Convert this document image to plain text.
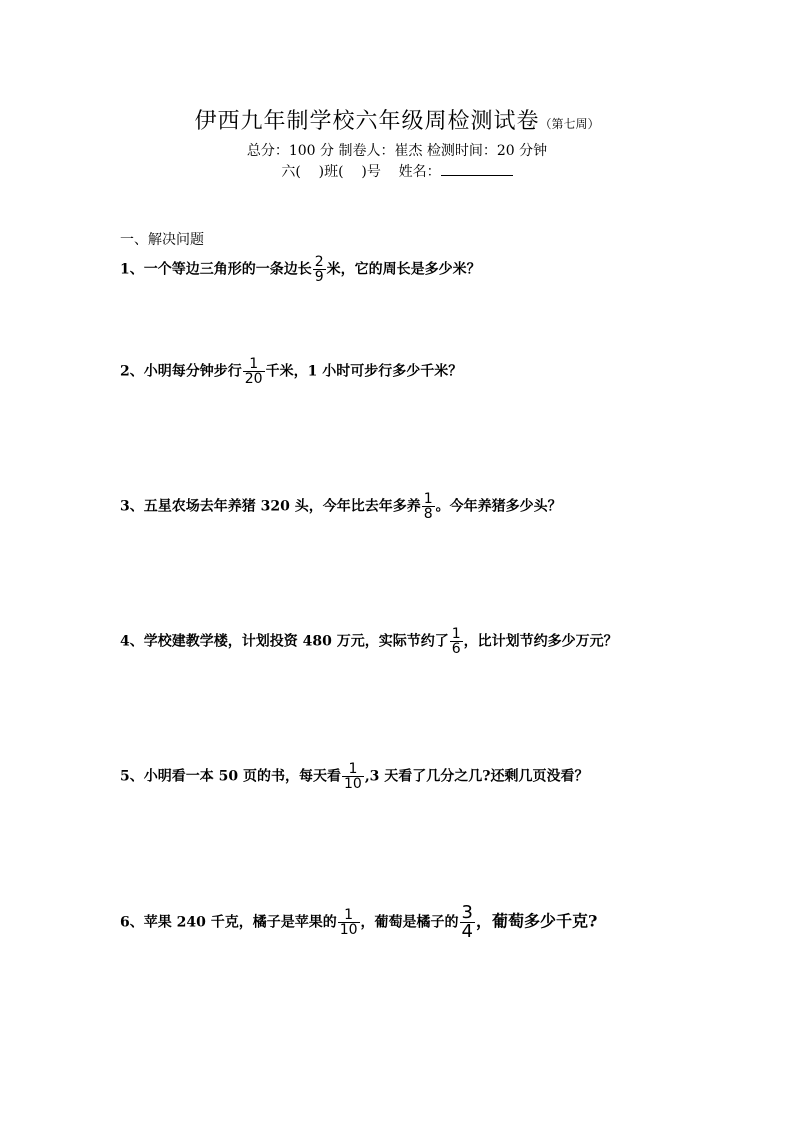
伊西九年制学校六年级周检测试卷（第七周）
总分：100 分 制卷人：崔杰 检测时间：20 分钟
六(    )班(    )号    姓名：
一、解决问题
1、一个等边三角形的一条边长 $\frac{2}{9}$ 米，它的周长是多少米？
2、小明每分钟步行 $\frac{1}{20}$ 千米，1 小时可步行多少千米？
3、五星农场去年养猪 320 头，今年比去年多养 $\frac{1}{8}$ 。今年养猪多少头？
4、学校建教学楼，计划投资 480 万元，实际节约了 $\frac{1}{6}$ ，比计划节约多少万元？
5、小明看一本 50 页的书，每天看 $\frac{1}{10} ,3$ 天看了几分之几?还剩几页没看？
6、苹果 240 千克，橘子是苹果的 $\frac{1}{10}$ ，葡萄是橘子的 $\frac{3}{4}$ ，葡萄多少千克?
